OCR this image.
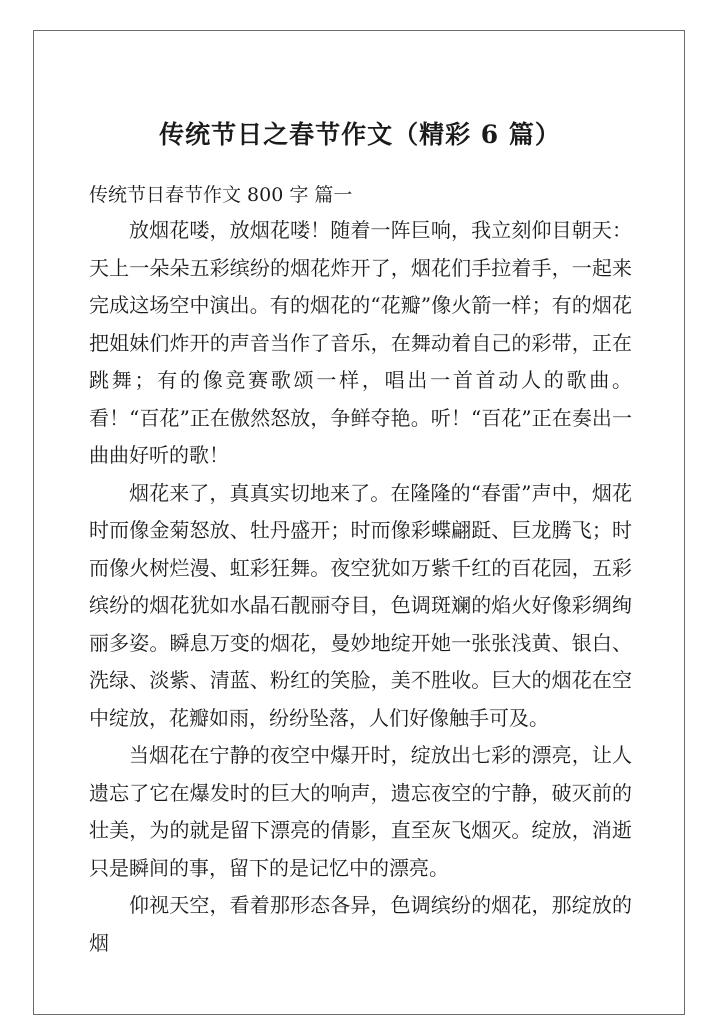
传统节日之春节作文（精彩 6 篇）
传统节日春节作文 800 字 篇一

放烟花喽，放烟花喽！随着一阵巨响，我立刻仰目朝天：天上一朵朵五彩缤纷的烟花炸开了，烟花们手拉着手，一起来完成这场空中演出。有的烟花的“花瓣”像火箭一样；有的烟花把姐妹们炸开的声音当作了音乐，在舞动着自己的彩带，正在跳舞；有的像竞赛歌颂一样，唱出一首首动人的歌曲。看！“百花”正在傲然怒放，争鲜夺艳。听！“百花”正在奏出一曲曲好听的歌！

烟花来了，真真实切地来了。在隆隆的“春雷”声中，烟花时而像金菊怒放、牡丹盛开；时而像彩蝶翩跹、巨龙腾飞；时而像火树烂漫、虹彩狂舞。夜空犹如万紫千红的百花园，五彩缤纷的烟花犹如水晶石靓丽夺目，色调斑斓的焰火好像彩绸绚丽多姿。瞬息万变的烟花，曼妙地绽开她一张张浅黄、银白、洗绿、淡紫、清蓝、粉红的笑脸，美不胜收。巨大的烟花在空中绽放，花瓣如雨，纷纷坠落，人们好像触手可及。

当烟花在宁静的夜空中爆开时，绽放出七彩的漂亮，让人遗忘了它在爆发时的巨大的响声，遗忘夜空的宁静，破灭前的壮美，为的就是留下漂亮的倩影，直至灰飞烟灭。绽放，消逝只是瞬间的事，留下的是记忆中的漂亮。

仰视天空，看着那形态各异，色调缤纷的烟花，那绽放的烟
